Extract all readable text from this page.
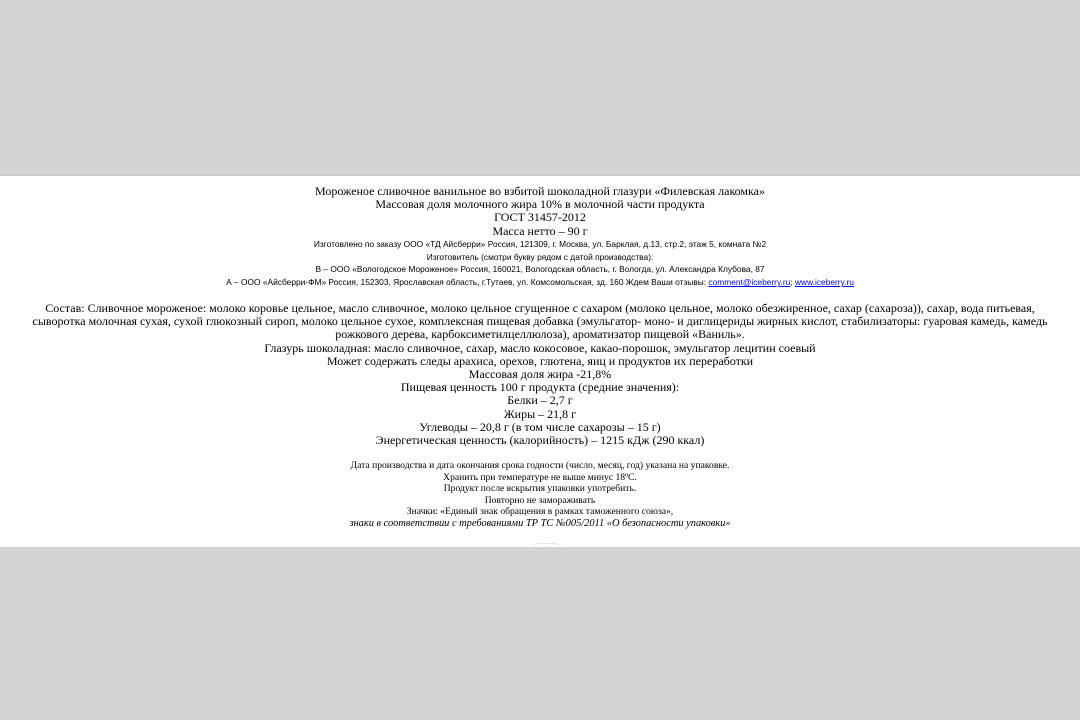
Мороженое сливочное ванильное во взбитой шоколадной глазури «Филевская лакомка»
Массовая доля молочного жира 10% в молочной части продукта
ГОСТ 31457-2012
Масса нетто – 90 г
Изготовлено по заказу ООО «ТД Айсберри» Россия, 121309, г. Москва, ул. Барклая, д.13, стр.2, этаж 5, комната №2
Изготовитель (смотри букву рядом с датой производства):
В – ООО «Вологодское Мороженое» Россия, 160021, Вологодская область, г. Вологда, ул. Александра Клубова, 87
А – ООО «Айсберри-ФМ» Россия, 152303, Ярославская область, г.Тутаев, ул. Комсомольская, зд. 160 Ждем Ваши отзывы: comment@iceberry.ru; www.iceberry.ru
Состав: Сливочное мороженое: молоко коровье цельное, масло сливочное, молоко цельное сгущенное с сахаром (молоко цельное, молоко обезжиренное, сахар (сахароза)), сахар, вода питьевая, сыворотка молочная сухая, сухой глюкозный сироп, молоко цельное сухое, комплексная пищевая добавка (эмульгатор- моно- и диглицериды жирных кислот, стабилизаторы: гуаровая камедь, камедь рожкового дерева, карбоксиметилцеллюлоза), ароматизатор пищевой «Ваниль».
Глазурь шоколадная: масло сливочное, сахар, масло кокосовое, какао-порошок, эмульгатор лецитин соевый
Может содержать следы арахиса, орехов, глютена, яиц и продуктов их переработки
Массовая доля жира -21,8%
Пищевая ценность 100 г продукта (средние значения):
Белки – 2,7 г
Жиры – 21,8 г
Углеводы – 20,8 г (в том числе сахарозы – 15 г)
Энергетическая ценность (калорийность) – 1215 кДж (290 ккал)
Дата производства и дата окончания срока годности (число, месяц, год) указана на упаковке.
Хранить при температуре не выше минус 18ºС.
Продукт после вскрытия упаковки употребить.
Повторно не замораживать
Значки: «Единый знак обращения в рамках таможенного союза»,
знаки в соответствии с требованиями ТР ТС №005/2011 «О безопасности упаковки»
